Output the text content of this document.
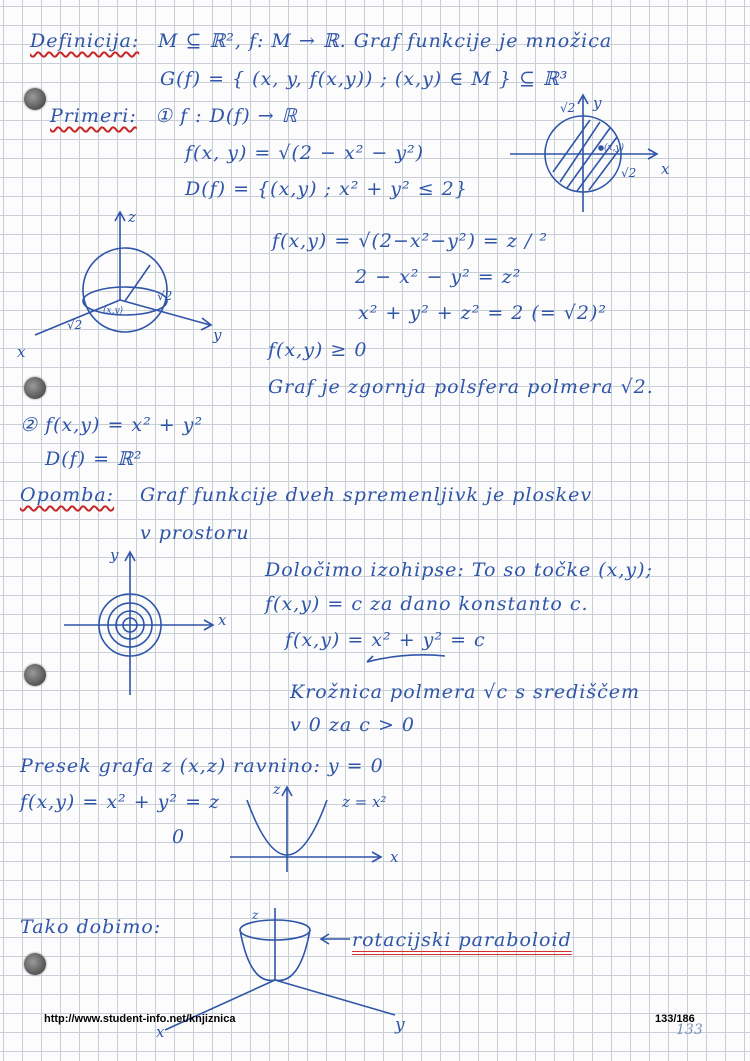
Definicija: M ⊆ ℝ², f: M → ℝ. Graf funkcije je množica
G(f) = { (x, y, f(x,y)) ; (x,y) ∈ M } ⊆ ℝ³
Primeri: ① f : D(f) → ℝ
f(x, y) = √(2 − x² − y²)
D(f) = {(x,y) ; x² + y² ≤ 2}
√2 y
(x,y)
√2 x
z
√2
(x,y)
√2
x
y
f(x,y) = √(2−x²−y²) = z / ²
2 − x² − y² = z²
x² + y² + z² = 2 (= √2)²
f(x,y) ≥ 0
Graf je zgornja polsfera polmera √2.
② f(x,y) = x² + y²
D(f) = ℝ²
Opomba: Graf funkcije dveh spremenljivk je ploskev
v prostoru
y
x
Določimo izohipse: To so točke (x,y);
f(x,y) = c za dano konstanto c.
f(x,y) = x² + y² = c
Krožnica polmera √c s središčem
v 0 za c > 0
Presek grafa z (x,z) ravnino: y = 0
f(x,y) = x² + y² = z
0
z
z = x²
x
Tako dobimo:
z
x	y
rotacijski paraboloid
http://www.student-info.net/knjiznica	133/186
133
